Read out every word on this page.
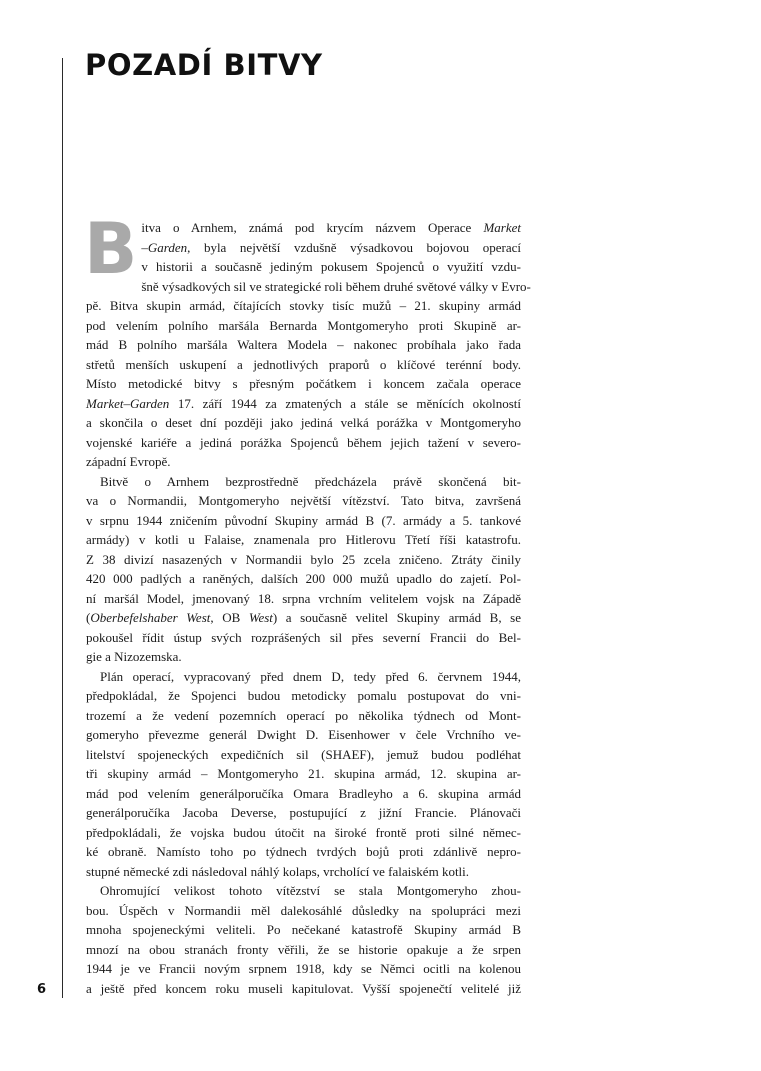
6
POZADÍ BITVY
B itva o Arnhem, známá pod krycím názvem Operace Market
–Garden, byla největší vzdušně výsadkovou bojovou operací
v historii a současně jediným pokusem Spojenců o využití vzdu-
šně výsadkových sil ve strategické roli během druhé světové války v Evro-
pě. Bitva skupin armád, čítajících stovky tisíc mužů – 21. skupiny armád
pod velením polního maršála Bernarda Montgomeryho proti Skupině ar-
mád B polního maršála Waltera Modela – nakonec probíhala jako řada
střetů menších uskupení a jednotlivých praporů o klíčové terénní body.
Místo metodické bitvy s přesným počátkem i koncem začala operace
Market–Garden 17. září 1944 za zmatených a stále se měnících okolností
a skončila o deset dní později jako jediná velká porážka v Montgomeryho
vojenské kariéře a jediná porážka Spojenců během jejich tažení v severo-
západní Evropě.
Bitvě o Arnhem bezprostředně předcházela právě skončená bit-
va o Normandii, Montgomeryho největší vítězství. Tato bitva, završená
v srpnu 1944 zničením původní Skupiny armád B (7. armády a 5. tankové
armády) v kotli u Falaise, znamenala pro Hitlerovu Třetí říši katastrofu.
Z 38 divizí nasazených v Normandii bylo 25 zcela zničeno. Ztráty činily
420 000 padlých a raněných, dalších 200 000 mužů upadlo do zajetí. Pol-
ní maršál Model, jmenovaný 18. srpna vrchním velitelem vojsk na Západě
(Oberbefelshaber West, OB West) a současně velitel Skupiny armád B, se
pokoušel řídit ústup svých rozprášených sil přes severní Francii do Bel-
gie a Nizozemska.
Plán operací, vypracovaný před dnem D, tedy před 6. červnem 1944,
předpokládal, že Spojenci budou metodicky pomalu postupovat do vni-
trozemí a že vedení pozemních operací po několika týdnech od Mont-
gomeryho převezme generál Dwight D. Eisenhower v čele Vrchního ve-
litelství spojeneckých expedičních sil (SHAEF), jemuž budou podléhat
tři skupiny armád – Montgomeryho 21. skupina armád, 12. skupina ar-
mád pod velením generálporučíka Omara Bradleyho a 6. skupina armád
generálporučíka Jacoba Deverse, postupující z jižní Francie. Plánovači
předpokládali, že vojska budou útočit na široké frontě proti silné němec-
ké obraně. Namísto toho po týdnech tvrdých bojů proti zdánlivě nepro-
stupné německé zdi následoval náhlý kolaps, vrcholící ve falaiském kotli.
Ohromující velikost tohoto vítězství se stala Montgomeryho zhou-
bou. Úspěch v Normandii měl dalekosáhlé důsledky na spolupráci mezi
mnoha spojeneckými veliteli. Po nečekané katastrofě Skupiny armád B
mnozí na obou stranách fronty věřili, že se historie opakuje a že srpen
1944 je ve Francii novým srpnem 1918, kdy se Němci ocitli na kolenou
a ještě před koncem roku museli kapitulovat. Vyšší spojenečtí velitelé již
